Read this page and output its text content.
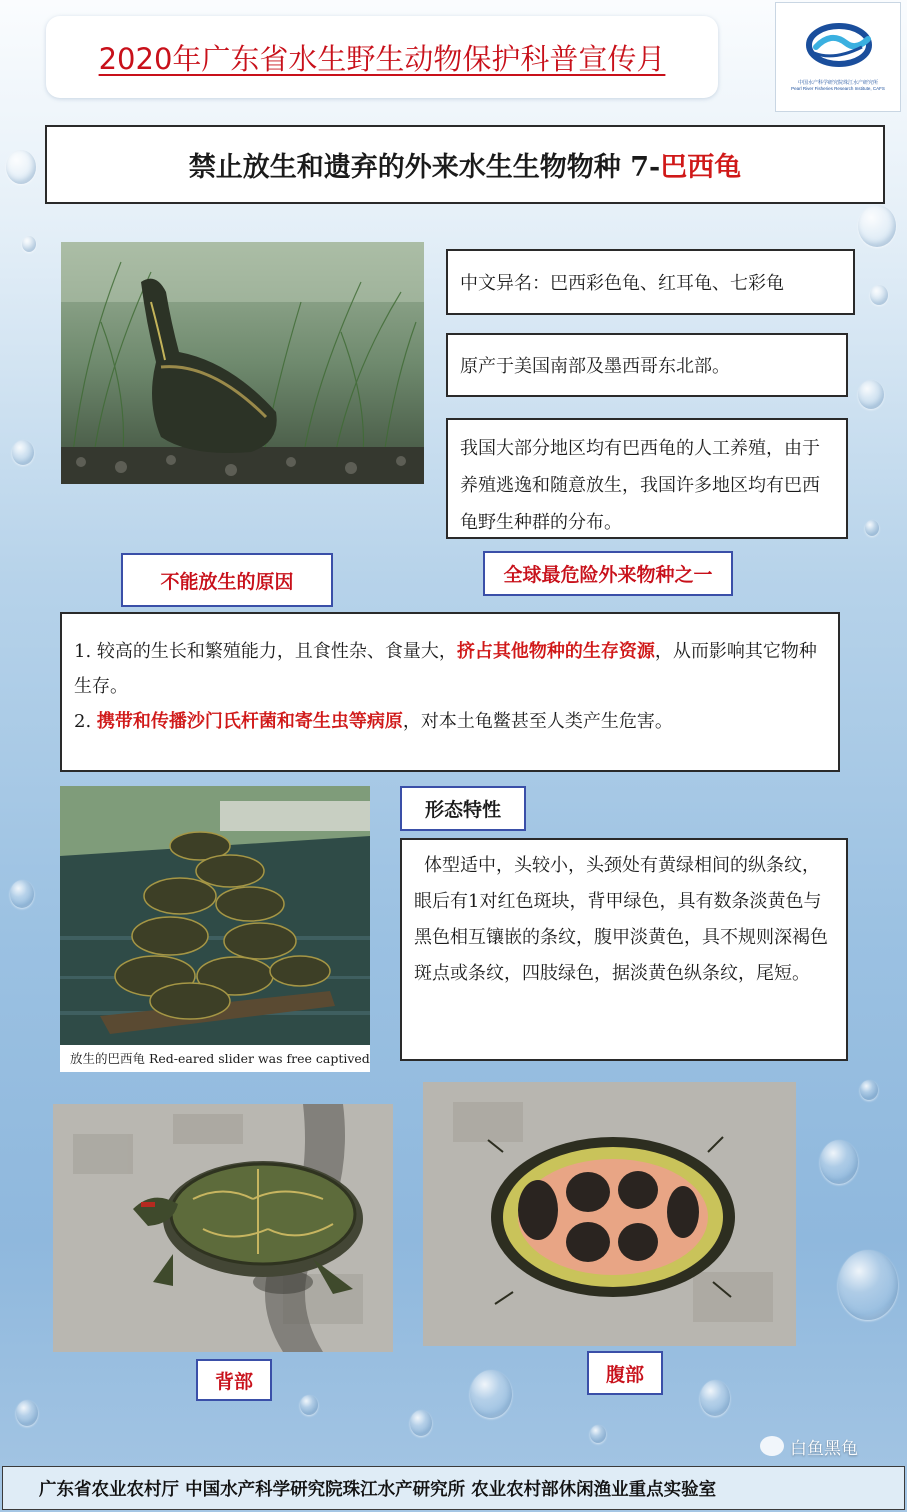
2020年广东省水生野生动物保护科普宣传月
中国水产科学研究院珠江水产研究所
Pearl River Fisheries Research Institute, CAFS
禁止放生和遗弃的外来水生生物物种 7-巴西龟
中文异名：巴西彩色龟、红耳龟、七彩龟
原产于美国南部及墨西哥东北部。
我国大部分地区均有巴西龟的人工养殖，由于养殖逃逸和随意放生，我国许多地区均有巴西龟野生种群的分布。
不能放生的原因	全球最危险外来物种之一
1. 较高的生长和繁殖能力，且食性杂、食量大，挤占其他物种的生存资源，从而影响其它物种生存。
2. 携带和传播沙门氏杆菌和寄生虫等病原，对本土龟鳖甚至人类产生危害。
放生的巴西龟 Red-eared slider was free captived
形态特性
体型适中，头较小，头颈处有黄绿相间的纵条纹，眼后有1对红色斑块，背甲绿色，具有数条淡黄色与黑色相互镶嵌的条纹，腹甲淡黄色，具不规则深褐色斑点或条纹，四肢绿色，据淡黄色纵条纹，尾短。
背部	腹部
广东省农业农村厅 中国水产科学研究院珠江水产研究所 农业农村部休闲渔业重点实验室
白鱼黑龟
